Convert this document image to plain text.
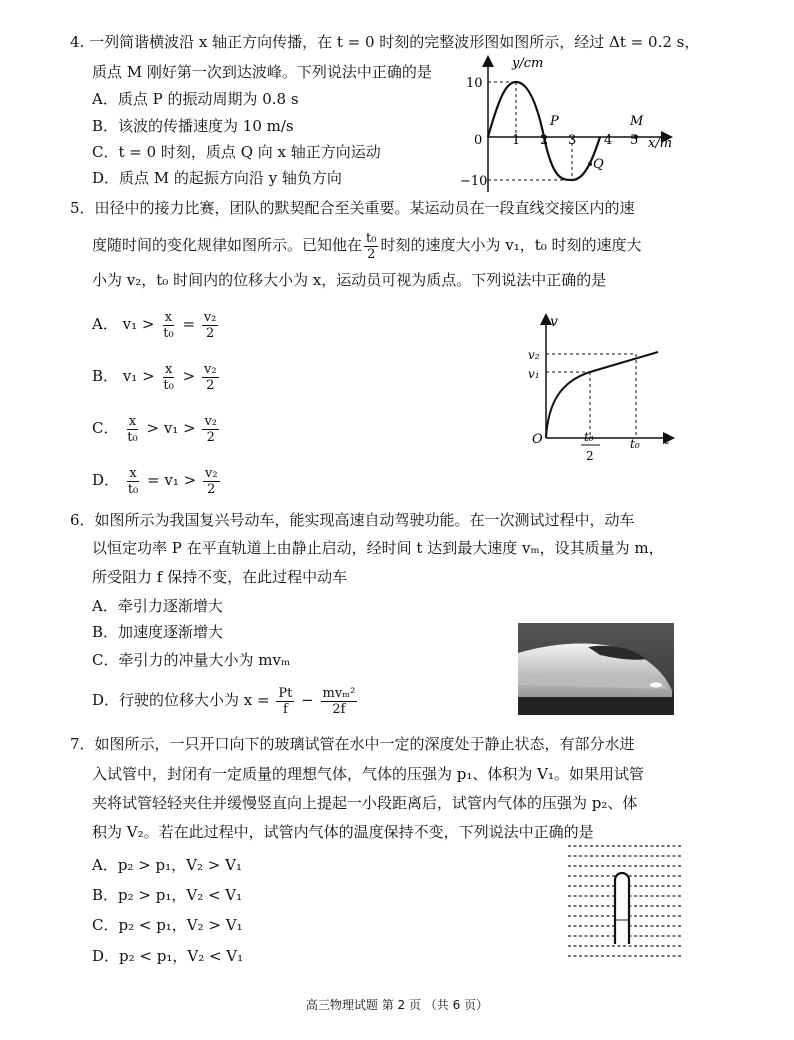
4. 一列简谐横波沿 x 轴正方向传播，在 t = 0 时刻的完整波形图如图所示，经过 Δt = 0.2 s，
质点 M 刚好第一次到达波峰。下列说法中正确的是
A．质点 P 的振动周期为 0.8 s
B．该波的传播速度为 10 m/s
C．t = 0 时刻，质点 Q 向 x 轴正方向运动
D．质点 M 的起振方向沿 y 轴负方向
y/cm
x/m
10
−10
0 1 2 3 4 5
P
Q
M
5．田径中的接力比赛，团队的默契配合至关重要。某运动员在一段直线交接区内的速
度随时间的变化规律如图所示。已知他在 $\frac{\text{t₀}}{2}$ 时刻的速度大小为 v₁，t₀ 时刻的速度大
小为 v₂，t₀ 时间内的位移大小为 x，运动员可视为质点。下列说法中正确的是
A． $v_1 > \frac{x}{\text{t₀}} = \frac{\text{v₂}}{2}$
B． $v_1 > \frac{x}{\text{t₀}} > \frac{\text{v₂}}{2}$
C． $\frac{x}{\text{t₀}} > v_1 > \frac{\text{v₂}}{2}$
D． $\frac{x}{\text{t₀}} = v_1 > \frac{\text{v₂}}{2}$
v
t
O
v₂
v₁
t₀
2
t₀
6．如图所示为我国复兴号动车，能实现高速自动驾驶功能。在一次测试过程中，动车
以恒定功率 P 在平直轨道上由静止启动，经时间 t 达到最大速度 vₘ，设其质量为 m，
所受阻力 f 保持不变，在此过程中动车
A．牵引力逐渐增大
B．加速度逐渐增大
C．牵引力的冲量大小为 mvₘ
D．行驶的位移大小为 $x = \frac{Pt}{f} - \frac{\text{mvₘ²}}{2f}$
7．如图所示，一只开口向下的玻璃试管在水中一定的深度处于静止状态，有部分水进
入试管中，封闭有一定质量的理想气体，气体的压强为 p₁、体积为 V₁。如果用试管
夹将试管轻轻夹住并缓慢竖直向上提起一小段距离后，试管内气体的压强为 p₂、体
积为 V₂。若在此过程中，试管内气体的温度保持不变，下列说法中正确的是
A．p₂ > p₁，V₂ > V₁
B．p₂ > p₁，V₂ < V₁
C．p₂ < p₁，V₂ > V₁
D．p₂ < p₁，V₂ < V₁
高三物理试题 第 2 页 （共 6 页）
